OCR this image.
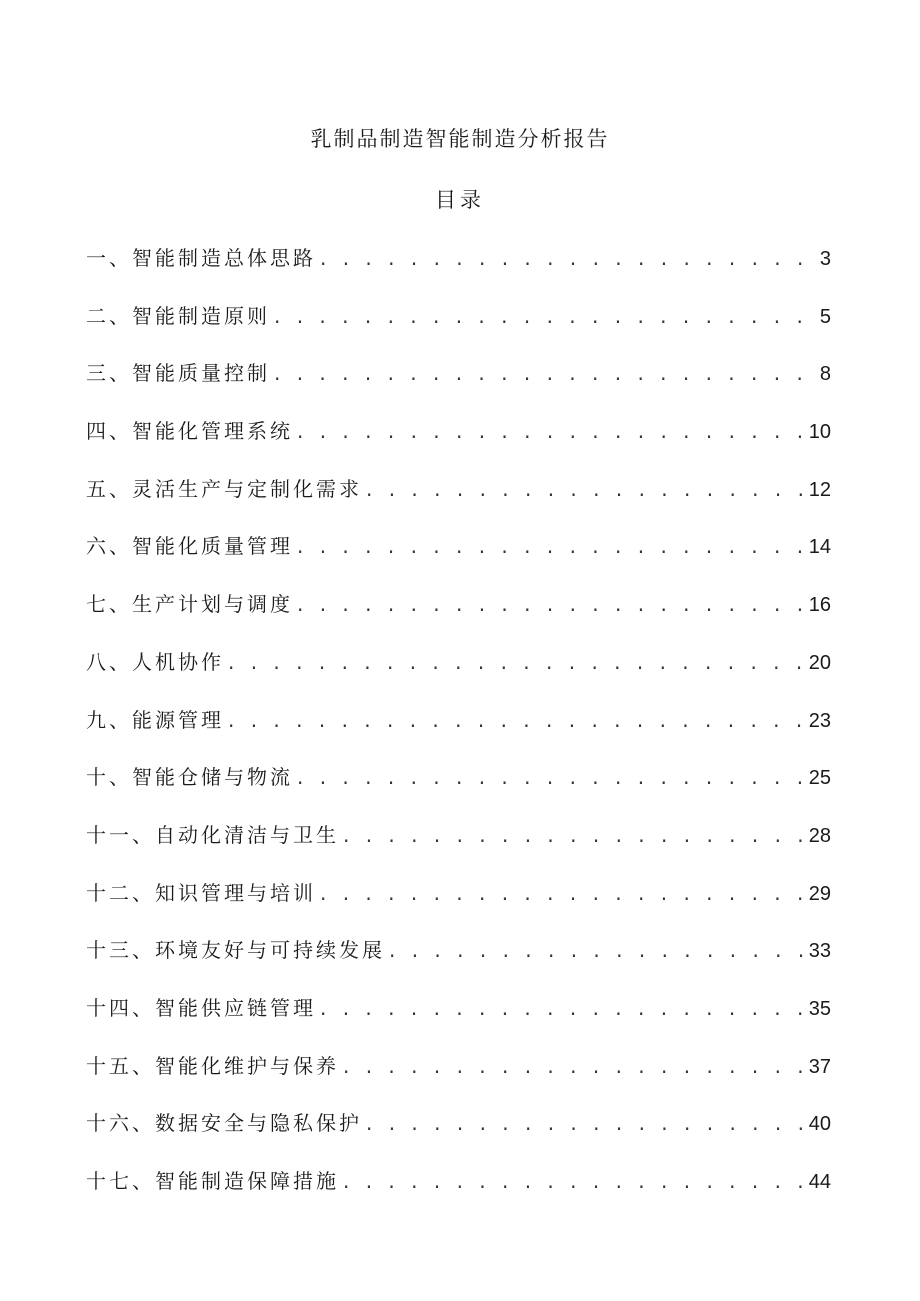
乳制品制造智能制造分析报告
目录
一、智能制造总体思路 . . .	3
二、智能制造原则 . . .	5
三、智能质量控制 . . .	8
四、智能化管理系统 . . .	10
五、灵活生产与定制化需求 . . .	12
六、智能化质量管理 . . .	14
七、生产计划与调度 . . .	16
八、人机协作 . . .	20
九、能源管理 . . .	23
十、智能仓储与物流 . . .	25
十一、自动化清洁与卫生 . . .	28
十二、知识管理与培训 . . .	29
十三、环境友好与可持续发展 . . .	33
十四、智能供应链管理 . . .	35
十五、智能化维护与保养 . . .	37
十六、数据安全与隐私保护 . . .	40
十七、智能制造保障措施 . . .	44
